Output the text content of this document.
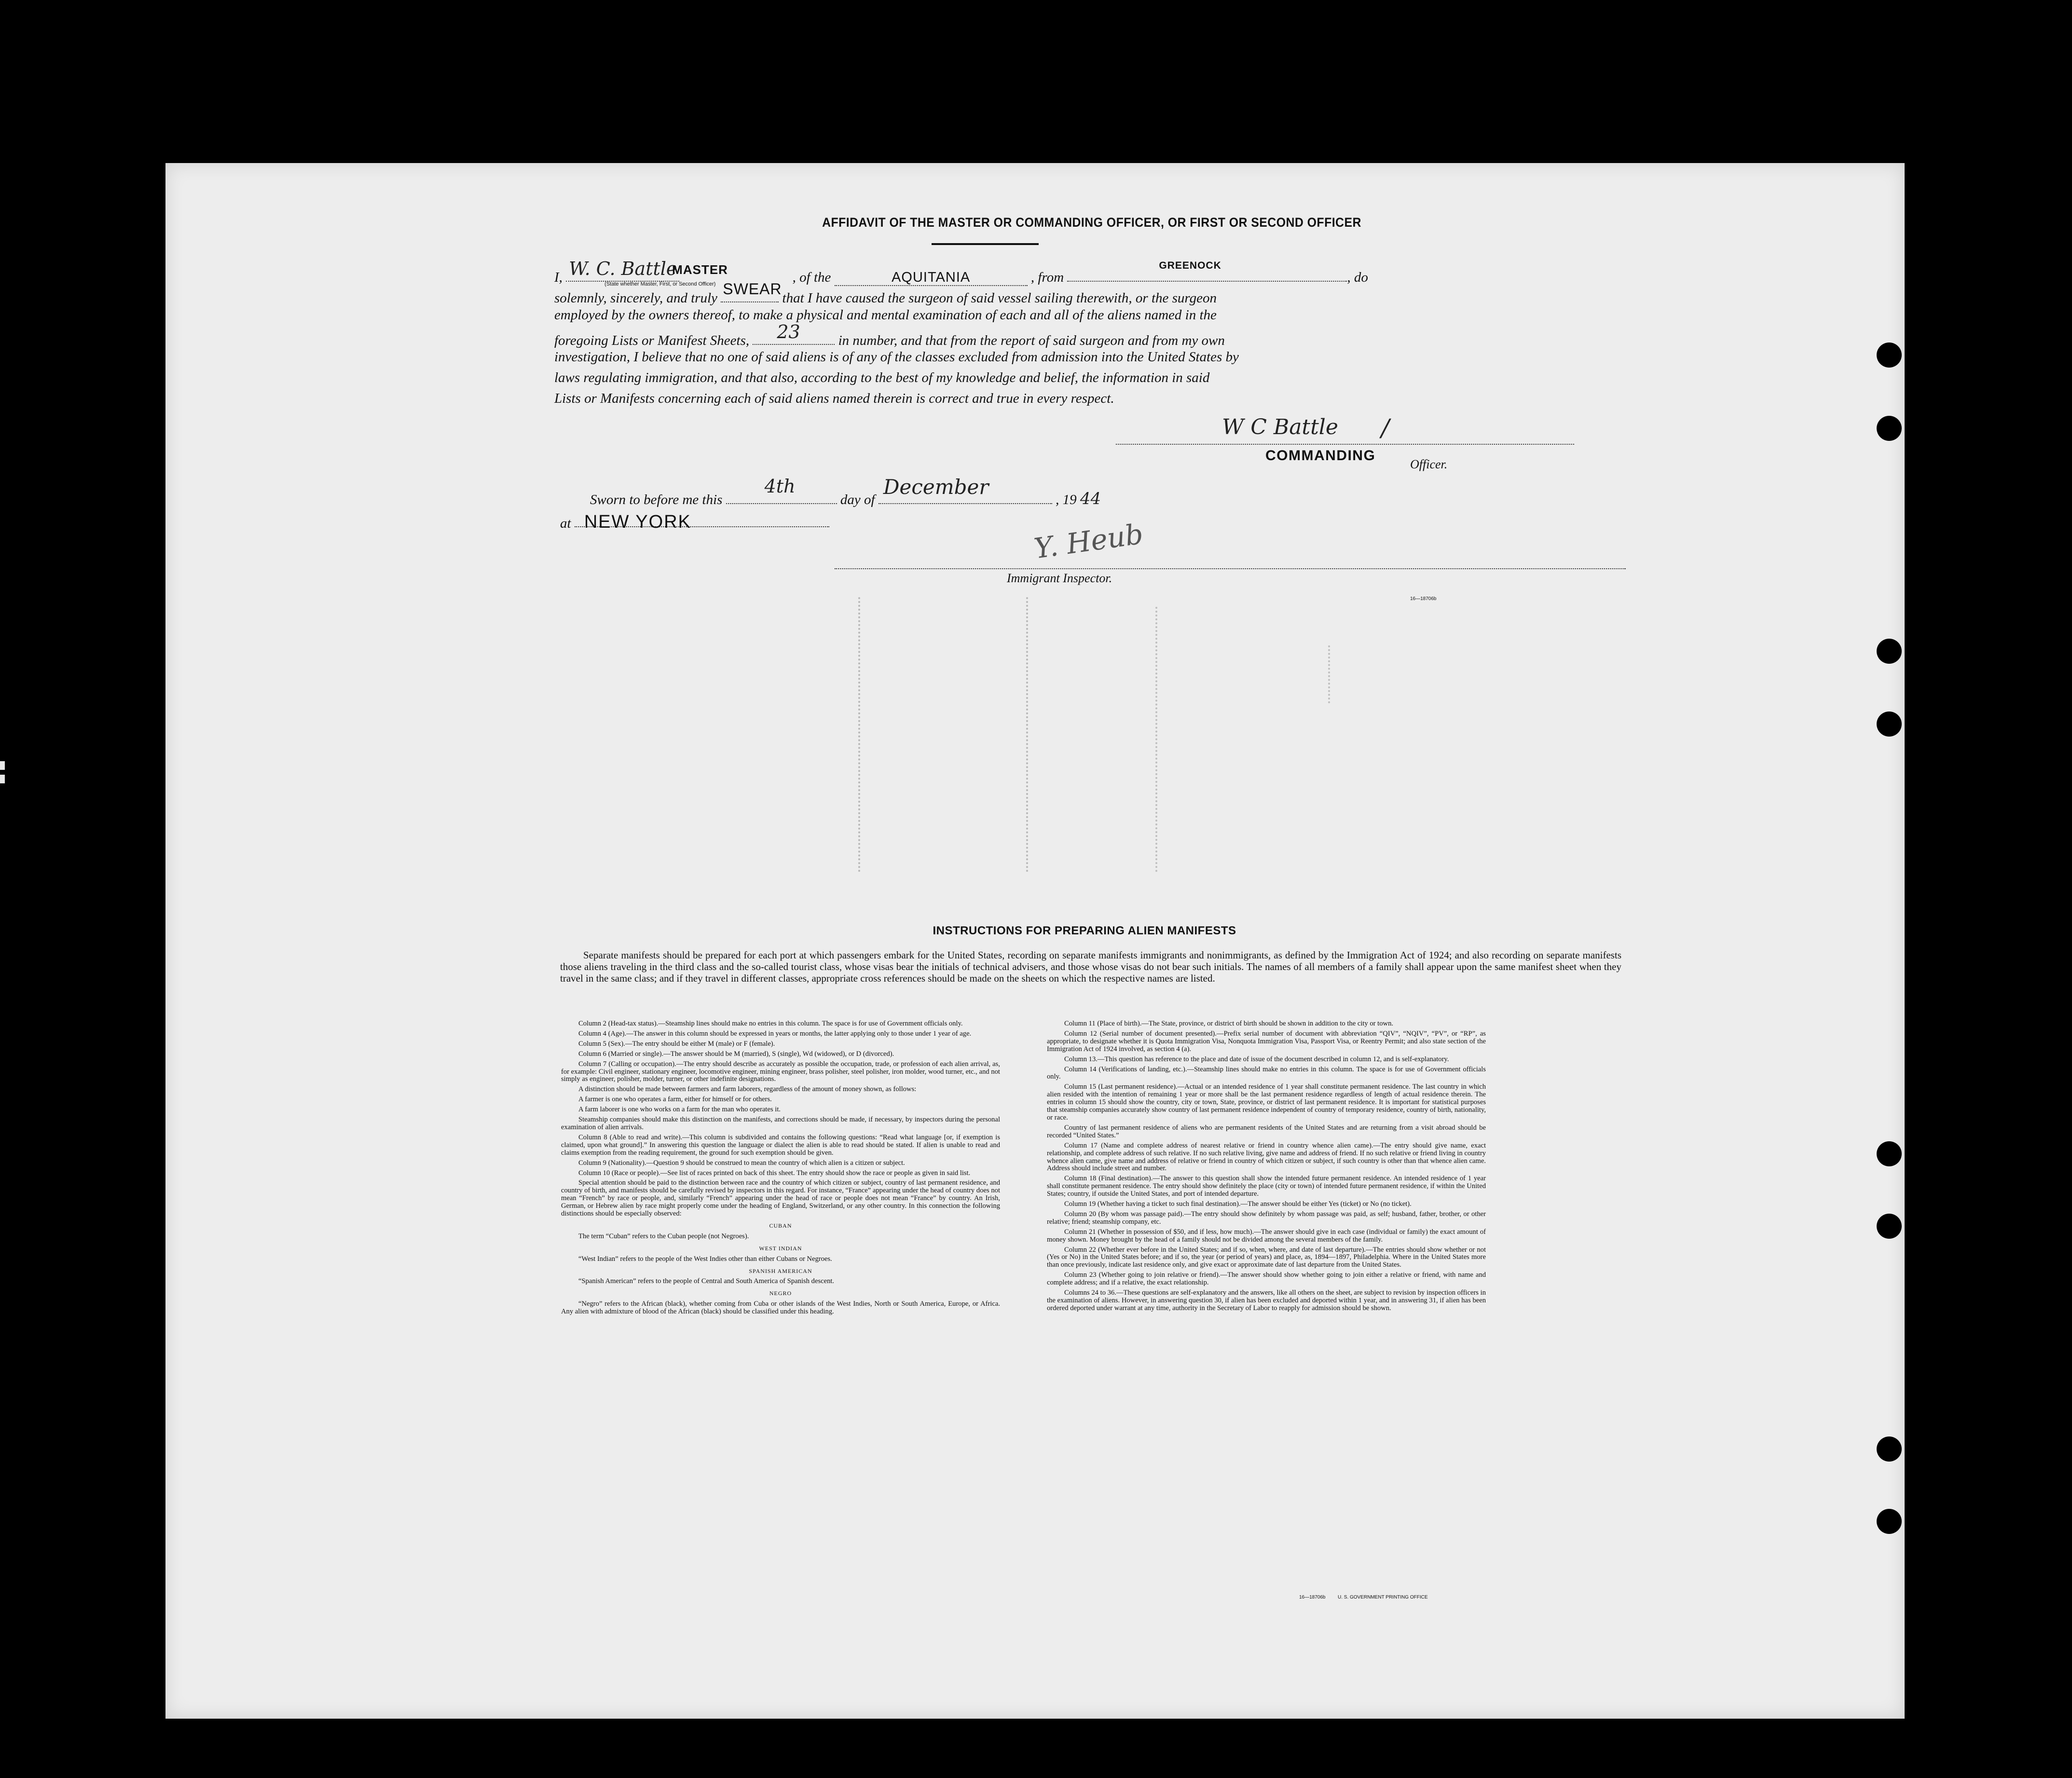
AFFIDAVIT OF THE MASTER OR COMMANDING OFFICER, OR FIRST OR SECOND OFFICER
I, W. C. Battle
MASTER
(State whether Master, First, or Second Officer)	, of the	AQUITANIA	, from
GREENOCK
, do
solemnly, sincerely, and truly
SWEAR
that I have caused the surgeon of said vessel sailing therewith, or the surgeon
employed by the owners thereof, to make a physical and mental examination of each and all of the aliens named in the
foregoing Lists or Manifest Sheets, 23	in number, and that from the report of said surgeon and from my own
investigation, I believe that no one of said aliens is of any of the classes excluded from admission into the United States by
laws regulating immigration, and that also, according to the best of my knowledge and belief, the information in said
Lists or Manifests concerning each of said aliens named therein is correct and true in every respect.
W C Battle /
COMMANDING
Officer.
Sworn to before me this
4th
day of
December
, 19 44
at NEW YORK	Y. Heub
Immigrant Inspector.
16—18706b
INSTRUCTIONS FOR PREPARING ALIEN MANIFESTS
Separate manifests should be prepared for each port at which passengers embark for the United States, recording on separate manifests immigrants and nonimmigrants, as defined by the Immigration Act of 1924; and also recording on separate manifests those aliens traveling in the third class and the so-called tourist class, whose visas bear the initials of technical advisers, and those whose visas do not bear such initials. The names of all members of a family shall appear upon the same manifest sheet when they travel in the same class; and if they travel in different classes, appropriate cross references should be made on the sheets on which the respective names are listed.

Column 2 (Head-tax status).—Steamship lines should make no entries in this column. The space is for use of Government officials only.

Column 4 (Age).—The answer in this column should be expressed in years or months, the latter applying only to those under 1 year of age.

Column 5 (Sex).—The entry should be either M (male) or F (female).

Column 6 (Married or single).—The answer should be M (married), S (single), Wd (widowed), or D (divorced).

Column 7 (Calling or occupation).—The entry should describe as accurately as possible the occupation, trade, or profession of each alien arrival, as, for example: Civil engineer, stationary engineer, locomotive engineer, mining engineer, brass polisher, steel polisher, iron molder, wood turner, etc., and not simply as engineer, polisher, molder, turner, or other indefinite designations.

A distinction should be made between farmers and farm laborers, regardless of the amount of money shown, as follows:

A farmer is one who operates a farm, either for himself or for others.

A farm laborer is one who works on a farm for the man who operates it.

Steamship companies should make this distinction on the manifests, and corrections should be made, if necessary, by inspectors during the personal examination of alien arrivals.

Column 8 (Able to read and write).—This column is subdivided and contains the following questions: “Read what language [or, if exemption is claimed, upon what ground].” In answering this question the language or dialect the alien is able to read should be stated. If alien is unable to read and claims exemption from the reading requirement, the ground for such exemption should be given.

Column 9 (Nationality).—Question 9 should be construed to mean the country of which alien is a citizen or subject.

Column 10 (Race or people).—See list of races printed on back of this sheet. The entry should show the race or people as given in said list.

Special attention should be paid to the distinction between race and the country of which citizen or subject, country of last permanent residence, and country of birth, and manifests should be carefully revised by inspectors in this regard. For instance, “France” appearing under the head of country does not mean “French” by race or people, and, similarly “French” appearing under the head of race or people does not mean “France” by country. An Irish, German, or Hebrew alien by race might properly come under the heading of England, Switzerland, or any other country. In this connection the following distinctions should be especially observed:

CUBAN

The term “Cuban” refers to the Cuban people (not Negroes).

WEST INDIAN

“West Indian” refers to the people of the West Indies other than either Cubans or Negroes.

SPANISH AMERICAN

“Spanish American” refers to the people of Central and South America of Spanish descent.

NEGRO

“Negro” refers to the African (black), whether coming from Cuba or other islands of the West Indies, North or South America, Europe, or Africa. Any alien with admixture of blood of the African (black) should be classified under this heading.

Column 11 (Place of birth).—The State, province, or district of birth should be shown in addition to the city or town.

Column 12 (Serial number of document presented).—Prefix serial number of document with abbreviation “QIV”, “NQIV”, “PV”, or “RP”, as appropriate, to designate whether it is Quota Immigration Visa, Nonquota Immigration Visa, Passport Visa, or Reentry Permit; and also state section of the Immigration Act of 1924 involved, as section 4 (a).

Column 13.—This question has reference to the place and date of issue of the document described in column 12, and is self-explanatory.

Column 14 (Verifications of landing, etc.).—Steamship lines should make no entries in this column. The space is for use of Government officials only.

Column 15 (Last permanent residence).—Actual or an intended residence of 1 year shall constitute permanent residence. The last country in which alien resided with the intention of remaining 1 year or more shall be the last permanent residence regardless of length of actual residence therein. The entries in column 15 should show the country, city or town, State, province, or district of last permanent residence. It is important for statistical purposes that steamship companies accurately show country of last permanent residence independent of country of temporary residence, country of birth, nationality, or race.

Country of last permanent residence of aliens who are permanent residents of the United States and are returning from a visit abroad should be recorded “United States.”

Column 17 (Name and complete address of nearest relative or friend in country whence alien came).—The entry should give name, exact relationship, and complete address of such relative. If no such relative living, give name and address of friend. If no such relative or friend living in country whence alien came, give name and address of relative or friend in country of which citizen or subject, if such country is other than that whence alien came. Address should include street and number.

Column 18 (Final destination).—The answer to this question shall show the intended future permanent residence. An intended residence of 1 year shall constitute permanent residence. The entry should show definitely the place (city or town) of intended future permanent residence, if within the United States; country, if outside the United States, and port of intended departure.

Column 19 (Whether having a ticket to such final destination).—The answer should be either Yes (ticket) or No (no ticket).

Column 20 (By whom was passage paid).—The entry should show definitely by whom passage was paid, as self; husband, father, brother, or other relative; friend; steamship company, etc.

Column 21 (Whether in possession of $50, and if less, how much).—The answer should give in each case (individual or family) the exact amount of money shown. Money brought by the head of a family should not be divided among the several members of the family.

Column 22 (Whether ever before in the United States; and if so, when, where, and date of last departure).—The entries should show whether or not (Yes or No) in the United States before; and if so, the year (or period of years) and place, as, 1894—1897, Philadelphia. Where in the United States more than once previously, indicate last residence only, and give exact or approximate date of last departure from the United States.

Column 23 (Whether going to join relative or friend).—The answer should show whether going to join either a relative or friend, with name and complete address; and if a relative, the exact relationship.

Columns 24 to 36.—These questions are self-explanatory and the answers, like all others on the sheet, are subject to revision by inspection officers in the examination of aliens. However, in answering question 30, if alien has been excluded and deported within 1 year, and in answering 31, if alien has been ordered deported under warrant at any time, authority in the Secretary of Labor to reapply for admission should be shown.

16—18706b	U. S. GOVERNMENT PRINTING OFFICE
